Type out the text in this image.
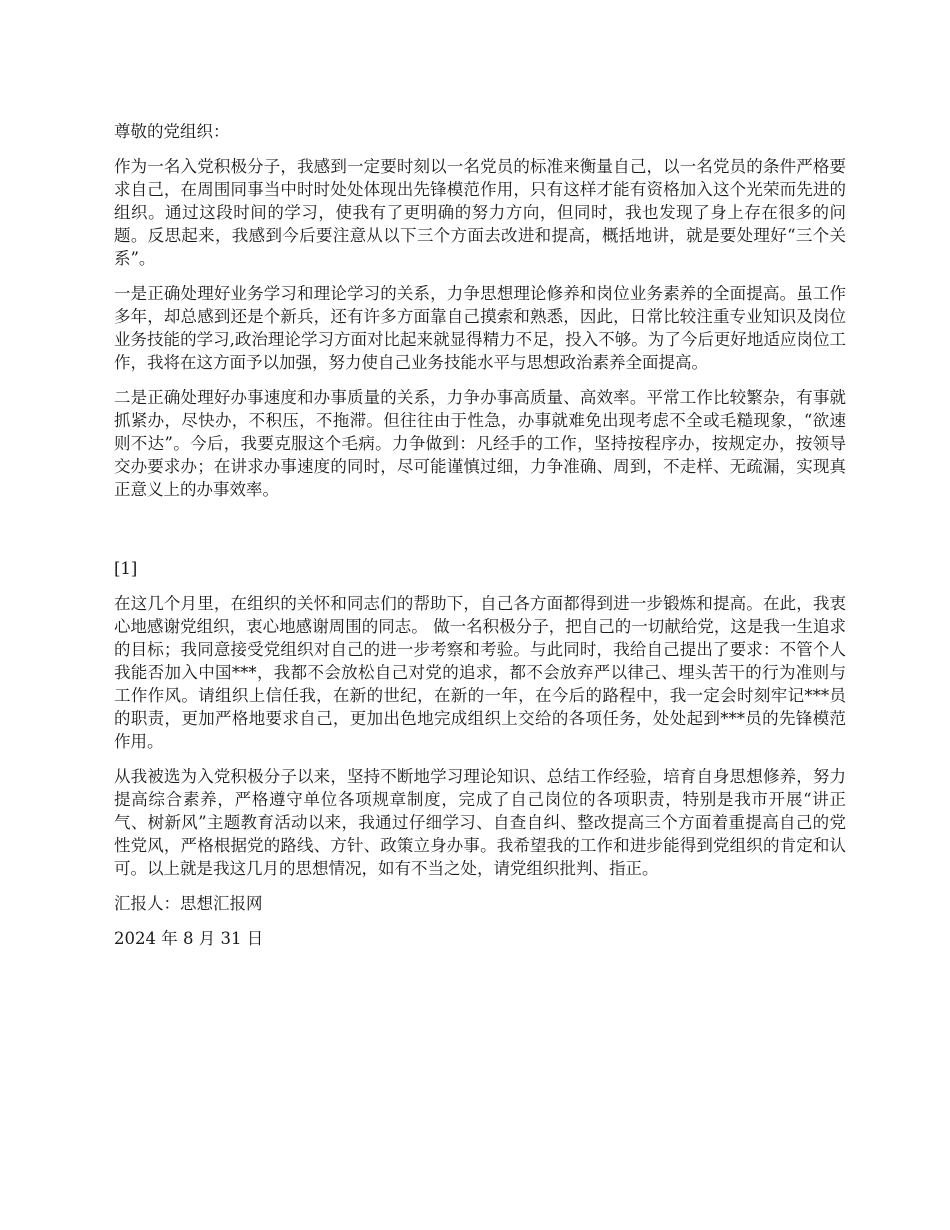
尊敬的党组织：

作为一名入党积极分子，我感到一定要时刻以一名党员的标准来衡量自己，以一名党员的条件严格要求自己，在周围同事当中时时处处体现出先锋模范作用，只有这样才能有资格加入这个光荣而先进的组织。通过这段时间的学习，使我有了更明确的努力方向，但同时，我也发现了身上存在很多的问题。反思起来，我感到今后要注意从以下三个方面去改进和提高，概括地讲，就是要处理好“三个关系”。

一是正确处理好业务学习和理论学习的关系，力争思想理论修养和岗位业务素养的全面提高。虽工作多年，却总感到还是个新兵，还有许多方面靠自己摸索和熟悉，因此，日常比较注重专业知识及岗位业务技能的学习,政治理论学习方面对比起来就显得精力不足，投入不够。为了今后更好地适应岗位工作，我将在这方面予以加强，努力使自己业务技能水平与思想政治素养全面提高。

二是正确处理好办事速度和办事质量的关系，力争办事高质量、高效率。平常工作比较繁杂，有事就抓紧办，尽快办，不积压，不拖滞。但往往由于性急，办事就难免出现考虑不全或毛糙现象，“欲速则不达”。今后，我要克服这个毛病。力争做到：凡经手的工作，坚持按程序办，按规定办，按领导交办要求办；在讲求办事速度的同时，尽可能谨慎过细，力争准确、周到，不走样、无疏漏，实现真正意义上的办事效率。

[1]

在这几个月里，在组织的关怀和同志们的帮助下，自己各方面都得到进一步锻炼和提高。在此，我衷心地感谢党组织，衷心地感谢周围的同志。 做一名积极分子，把自己的一切献给党，这是我一生追求的目标；我同意接受党组织对自己的进一步考察和考验。与此同时，我给自己提出了要求：不管个人我能否加入中国***，我都不会放松自己对党的追求，都不会放弃严以律己、埋头苦干的行为准则与工作作风。请组织上信任我，在新的世纪，在新的一年，在今后的路程中，我一定会时刻牢记***员的职责，更加严格地要求自己，更加出色地完成组织上交给的各项任务，处处起到***员的先锋模范作用。

从我被选为入党积极分子以来，坚持不断地学习理论知识、总结工作经验，培育自身思想修养，努力提高综合素养，严格遵守单位各项规章制度，完成了自己岗位的各项职责，特别是我市开展“讲正气、树新风”主题教育活动以来，我通过仔细学习、自查自纠、整改提高三个方面着重提高自己的党性党风，严格根据党的路线、方针、政策立身办事。我希望我的工作和进步能得到党组织的肯定和认可。以上就是我这几月的思想情况，如有不当之处，请党组织批判、指正。

汇报人：思想汇报网

2024 年 8 月 31 日
